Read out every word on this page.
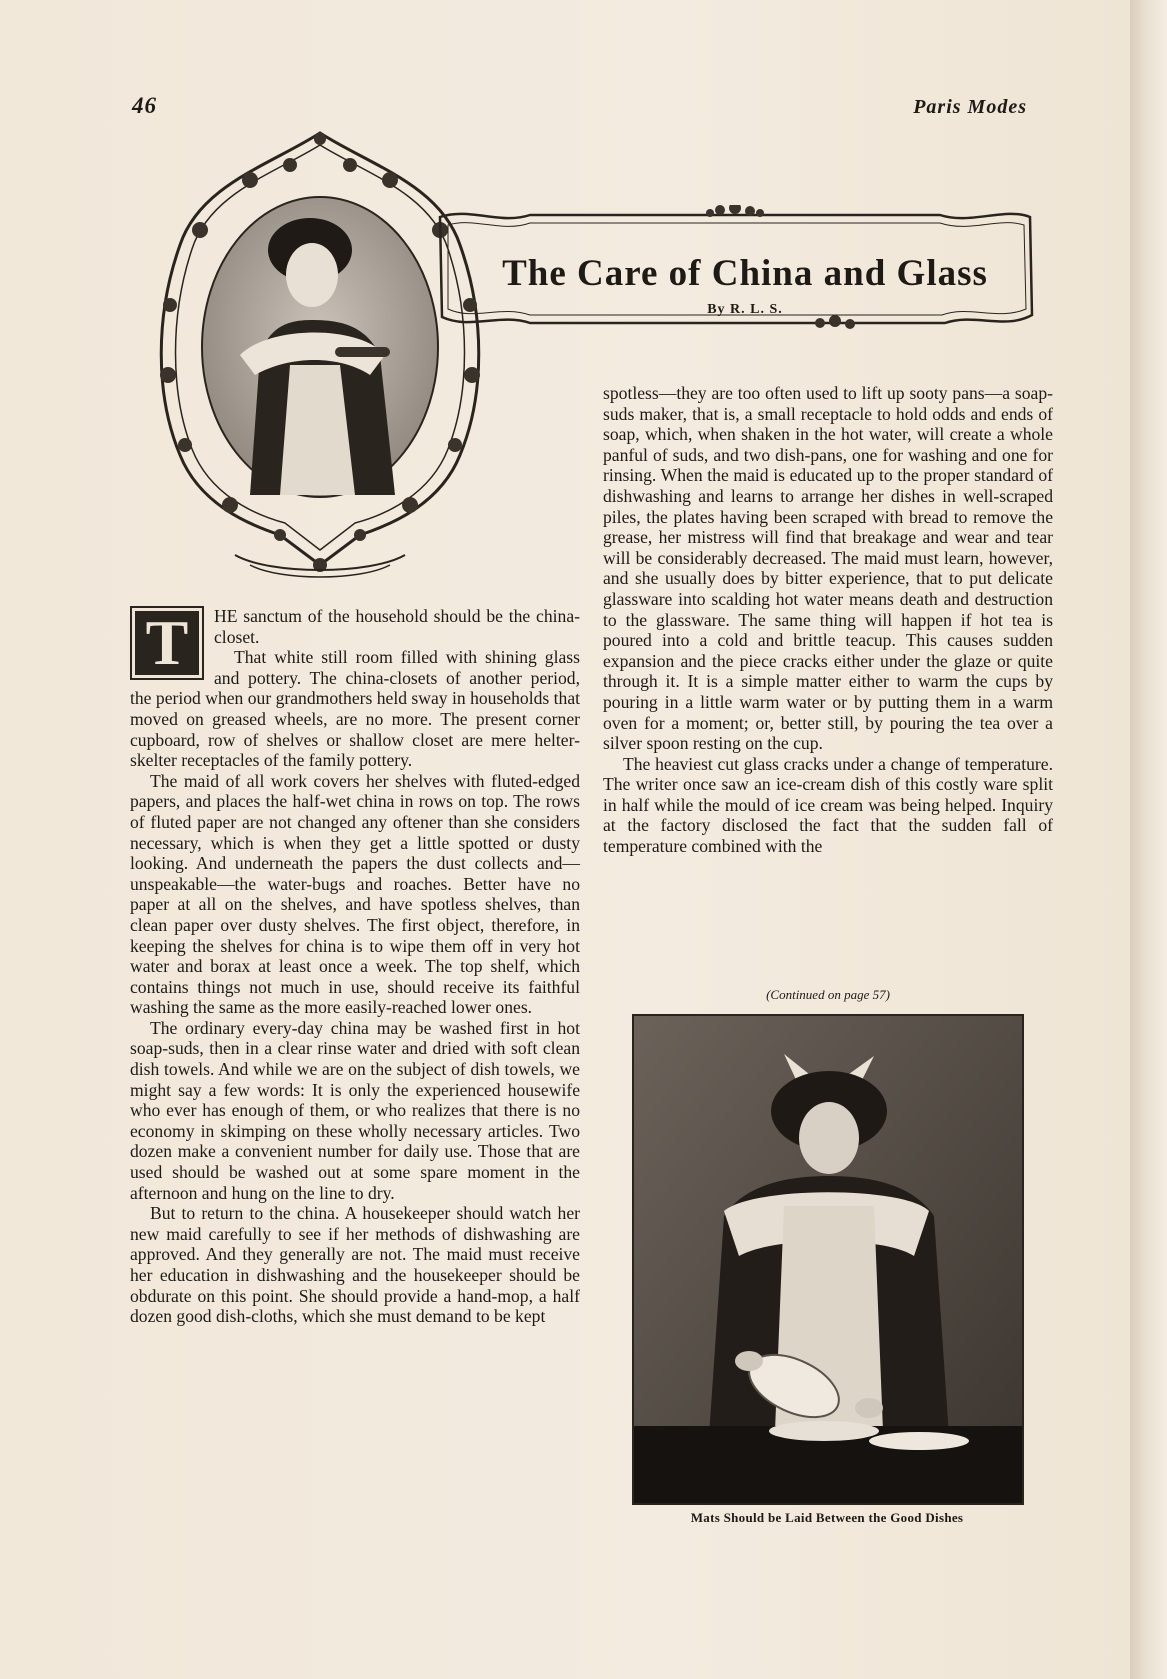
46	Paris Modes
The Care of China and Glass
By R. L. S.
T	HE sanctum of the household should be the china-closet.

That white still room filled with shining glass and pottery. The china-closets of another period, the period when our grandmothers held sway in households that moved on greased wheels, are no more. The present corner cupboard, row of shelves or shallow closet are mere helter-skelter receptacles of the family pottery.

The maid of all work covers her shelves with fluted-edged papers, and places the half-wet china in rows on top. The rows of fluted paper are not changed any oftener than she considers necessary, which is when they get a little spotted or dusty looking. And underneath the papers the dust collects and—unspeakable—the water-bugs and roaches. Better have no paper at all on the shelves, and have spotless shelves, than clean paper over dusty shelves. The first object, therefore, in keeping the shelves for china is to wipe them off in very hot water and borax at least once a week. The top shelf, which contains things not much in use, should receive its faithful washing the same as the more easily-reached lower ones.

The ordinary every-day china may be washed first in hot soap-suds, then in a clear rinse water and dried with soft clean dish towels. And while we are on the subject of dish towels, we might say a few words: It is only the experienced housewife who ever has enough of them, or who realizes that there is no economy in skimping on these wholly necessary articles. Two dozen make a convenient number for daily use. Those that are used should be washed out at some spare moment in the afternoon and hung on the line to dry.

But to return to the china. A housekeeper should watch her new maid carefully to see if her methods of dishwashing are approved. And they generally are not. The maid must receive her education in dishwashing and the housekeeper should be obdurate on this point. She should provide a hand-mop, a half dozen good dish-cloths, which she must demand to be kept

spotless—they are too often used to lift up sooty pans—a soap-suds maker, that is, a small receptacle to hold odds and ends of soap, which, when shaken in the hot water, will create a whole panful of suds, and two dish-pans, one for washing and one for rinsing. When the maid is educated up to the proper standard of dishwashing and learns to arrange her dishes in well-scraped piles, the plates having been scraped with bread to remove the grease, her mistress will find that breakage and wear and tear will be considerably decreased. The maid must learn, however, and she usually does by bitter experience, that to put delicate glassware into scalding hot water means death and destruction to the glassware. The same thing will happen if hot tea is poured into a cold and brittle teacup. This causes sudden expansion and the piece cracks either under the glaze or quite through it. It is a simple matter either to warm the cups by pouring in a little warm water or by putting them in a warm oven for a moment; or, better still, by pouring the tea over a silver spoon resting on the cup.

The heaviest cut glass cracks under a change of temperature. The writer once saw an ice-cream dish of this costly ware split in half while the mould of ice cream was being helped. Inquiry at the factory disclosed the fact that the sudden fall of temperature combined with the

(Continued on page 57)
Mats Should be Laid Between the Good Dishes
